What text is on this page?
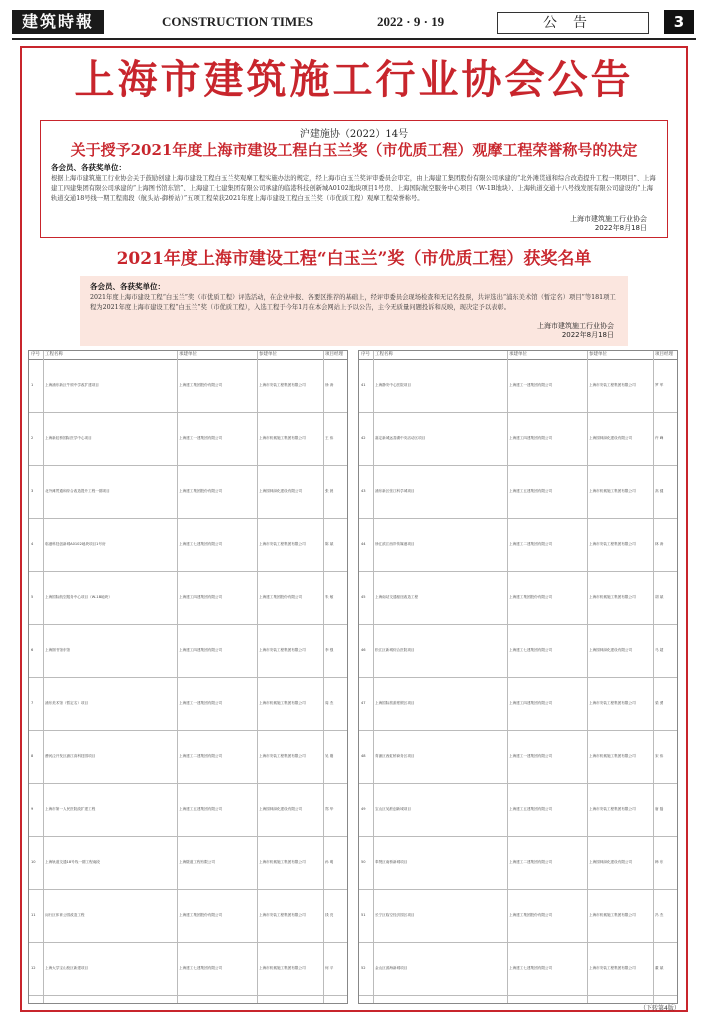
建筑時報	CONSTRUCTION TIMES	2022 · 9 · 19	公告	3
上海市建筑施工行业协会公告
沪建施协（2022）14号
关于授予2021年度上海市建设工程白玉兰奖（市优质工程）观摩工程荣誉称号的决定
各会员、各获奖单位：
根据上海市建筑施工行业协会关于鼓励创建上海市建设工程白玉兰奖观摩工程实施办法的规定，经上海市白玉兰奖评审委员会审定，由上海建工集团股份有限公司承建的“北外滩贯通和综合改造提升工程一期项目”、上海建工四建集团有限公司承建的“上海图书馆东馆”、上海建工七建集团有限公司承建的临港科技创新城A0102地块项目1号房、上海国际航空服务中心项目（W-1B地块）、上海轨道交通十八号线发展有限公司建设的“上海轨道交通18号线一期工程南段（航头站-御桥站）”五项工程荣获2021年度上海市建设工程白玉兰奖（市优质工程）观摩工程荣誉称号。
上海市建筑施工行业协会
2022年8月18日
2021年度上海市建设工程“白玉兰”奖（市优质工程）获奖名单
各会员、各获奖单位：
2021年度上海市建设工程“白玉兰”奖（市优质工程）评选活动，在企业申报、各要区推荐的基础上，经评审委员会现场检查和无记名投票，共评选出“浦东美术馆（暂定名）项目”等181项工程为2021年度上海市建设工程“白玉兰”奖（市优质工程），入选工程于今年1月在本会网站上予以公告，主今无质量问题投诉和反映，现决定予以表彰。
上海市建筑施工行业协会
2022年8月18日
序号	工程名称	承建单位	参建单位	项目经理
1	上海浦东新区牛顿中学改扩建项目	上海建工集团股份有限公司	上海市安装工程集团有限公司	徐 涛
2	上海新虹桥国际医学中心项目	上海建工一建集团有限公司	上海市机械施工集团有限公司	王 伟
3	北外滩贯通和综合改造提升工程一期项目	上海建工集团股份有限公司	上海园林绿化建设有限公司	张 晨
4	临港科技创新城A0102地块项目1号房	上海建工七建集团有限公司	上海市安装工程集团有限公司	陈 斌
5	上海国际航空服务中心项目（W-1B地块）	上海建工四建集团有限公司	上海建工集团股份有限公司	朱 敏
6	上海图书馆东馆	上海建工四建集团有限公司	上海市安装工程集团有限公司	李 强
7	浦东美术馆（暂定名）项目	上海建工一建集团有限公司	上海市机械施工集团有限公司	周 杰
8	漕河泾开发区浦江高科技园项目	上海建工二建集团有限公司	上海市安装工程集团有限公司	吴 刚
9	上海市第一人民医院改扩建工程	上海建工五建集团有限公司	上海园林绿化建设有限公司	郑 华
10	上海轨道交通18号线一期工程南段	上海隧道工程有限公司	上海市机械施工集团有限公司	孙 明
11	闵行区体育公园改造工程	上海建工集团股份有限公司	上海市安装工程集团有限公司	钱 亮
12	上海大学宝山校区新建项目	上海建工七建集团有限公司	上海市机械施工集团有限公司	何 平
序号	工程名称	承建单位	参建单位	项目经理
41	上海静安中心医院项目	上海建工一建集团有限公司	上海市安装工程集团有限公司	罗 军
42	嘉定新城远香湖中央活动区项目	上海建工四建集团有限公司	上海园林绿化建设有限公司	许 峰
43	浦东新区张江科学城项目	上海建工五建集团有限公司	上海市机械施工集团有限公司	高 健
44	徐汇滨江西岸传媒港项目	上海建工二建集团有限公司	上海市安装工程集团有限公司	林 涛
45	上海南站交通枢纽改造工程	上海建工集团股份有限公司	上海市机械施工集团有限公司	胡 斌
46	松江区新城综合医院项目	上海建工七建集团有限公司	上海园林绿化建设有限公司	马 超
47	上海国际旅游度假区项目	上海建工四建集团有限公司	上海市安装工程集团有限公司	梁 勇
48	青浦区西虹桥商务区项目	上海建工一建集团有限公司	上海市机械施工集团有限公司	宋 伟
49	宝山区吴淞创新城项目	上海建工五建集团有限公司	上海市安装工程集团有限公司	唐 磊
50	奉贤区南桥新城项目	上海建工二建集团有限公司	上海园林绿化建设有限公司	韩 东
51	长宁区临空经济园区项目	上海建工集团股份有限公司	上海市机械施工集团有限公司	冯 杰
52	金山区滨海新城项目	上海建工七建集团有限公司	上海市安装工程集团有限公司	董 斌
（下转第4版）
